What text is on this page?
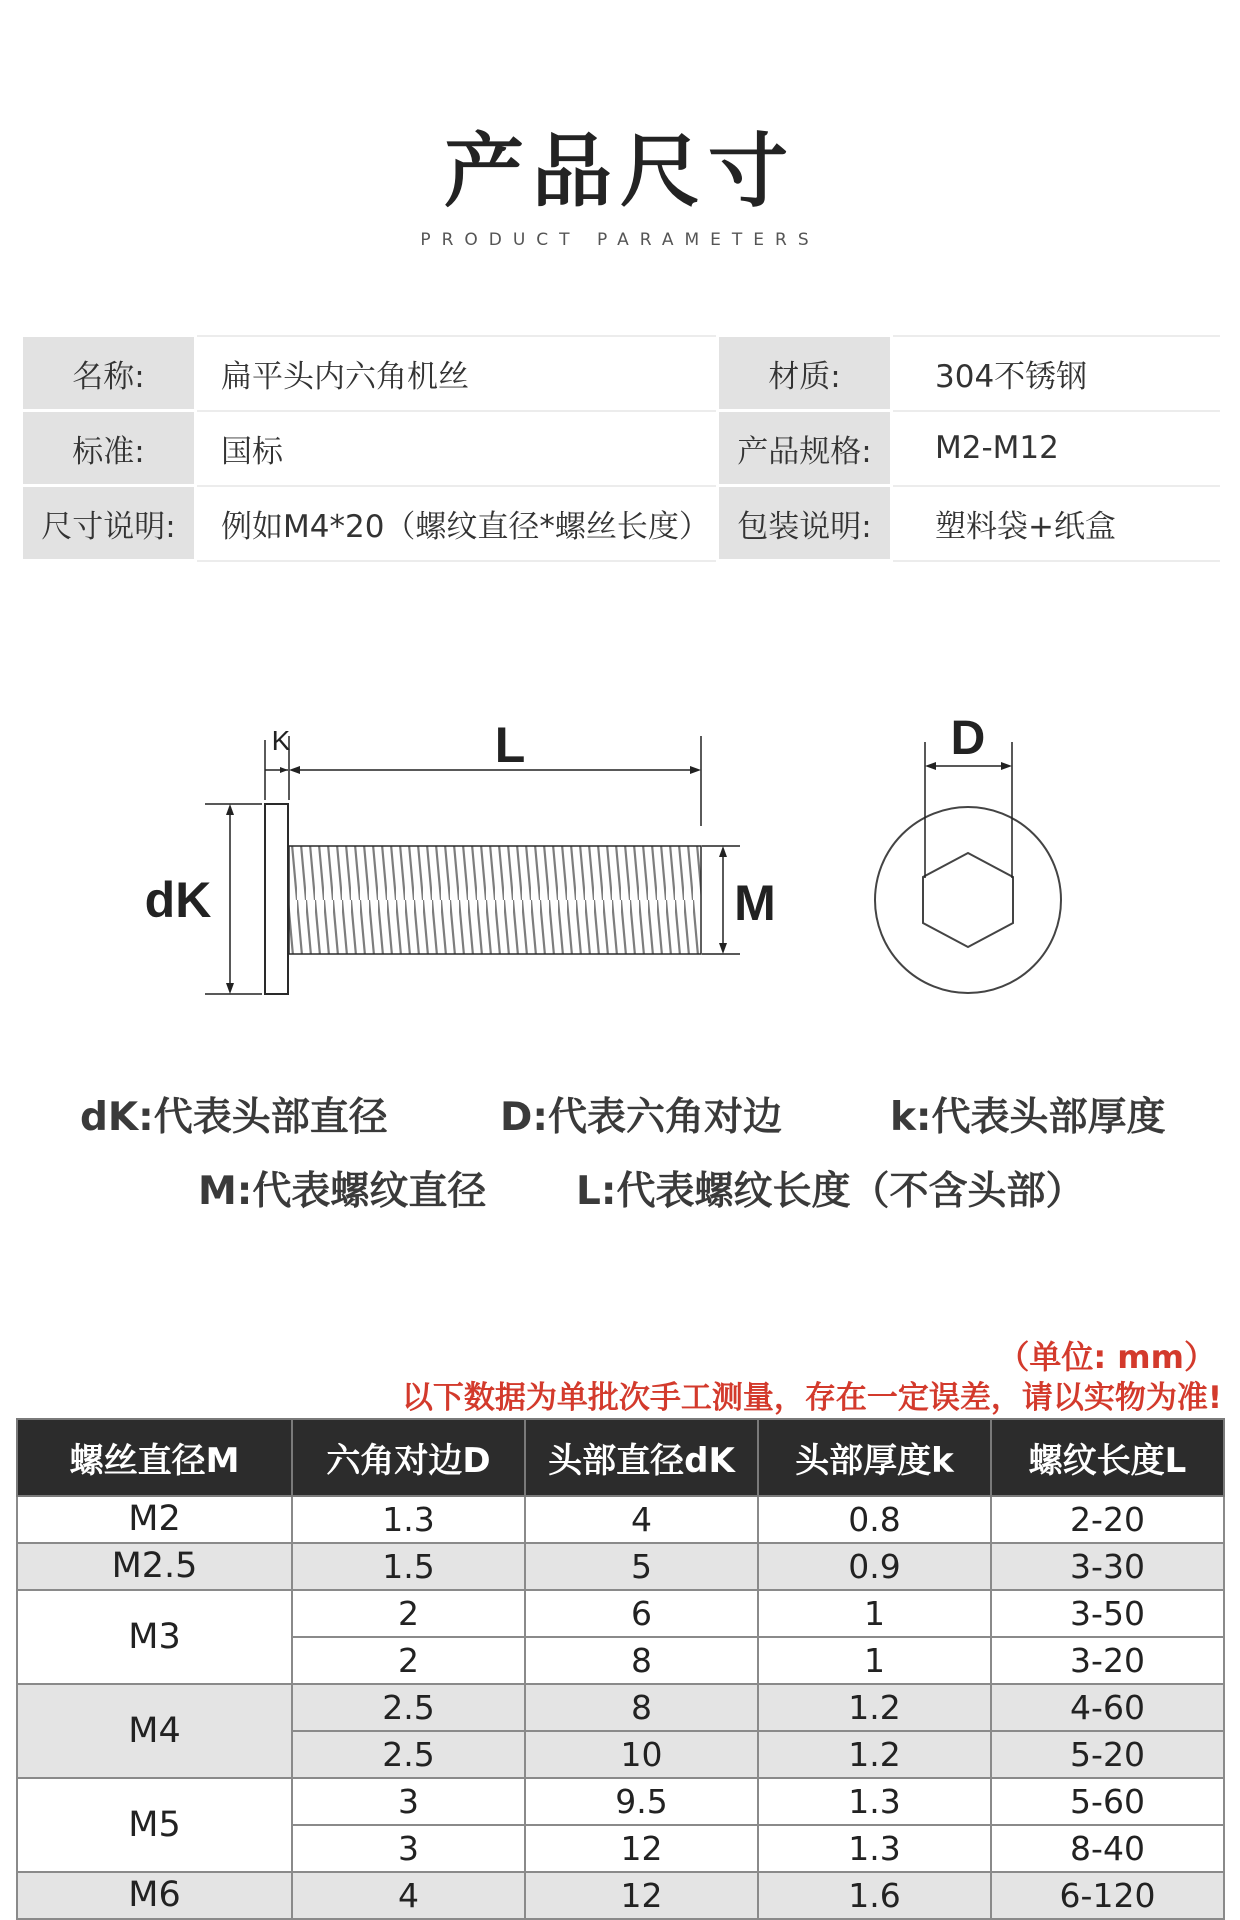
产品尺寸
PRODUCT PARAMETERS
名称:	扁平头内六角机丝	材质:	304不锈钢
标准:	国标	产品规格:	M2-M12
尺寸说明:	例如M4*20（螺纹直径*螺丝长度）	包装说明:	塑料袋+纸盒
L
K
dK	M
D
dK:代表头部直径	D:代表六角对边	k:代表头部厚度
M:代表螺纹直径 L:代表螺纹长度（不含头部）
（单位: mm）
以下数据为单批次手工测量，存在一定误差，请以实物为准!
螺丝直径M	六角对边D	头部直径dK	头部厚度k	螺纹长度L
M2	1.3	4	0.8	2-20
M2.5	1.5	5	0.9	3-30
M3	2	6	1	3-50
	2	8	1	3-20
M4	2.5	8	1.2	4-60
	2.5	10	1.2	5-20
M5	3	9.5	1.3	5-60
	3	12	1.3	8-40
M6	4	12	1.6	6-120
